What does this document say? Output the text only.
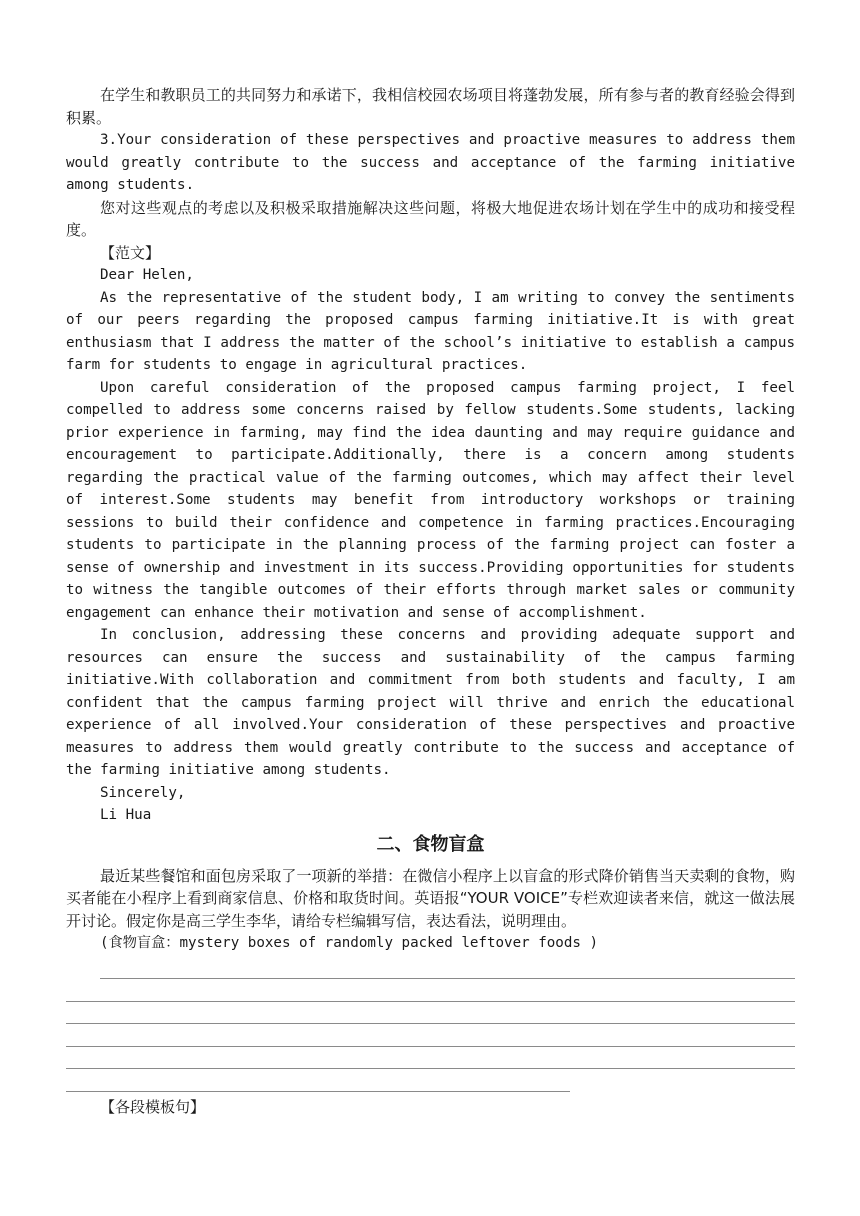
在学生和教职员工的共同努力和承诺下，我相信校园农场项目将蓬勃发展，所有参与者的教育经验会得到积累。

3.Your consideration of these perspectives and proactive measures to address them would greatly contribute to the success and acceptance of the farming initiative among students.

您对这些观点的考虑以及积极采取措施解决这些问题，将极大地促进农场计划在学生中的成功和接受程度。

【范文】

Dear Helen,

As the representative of the student body, I am writing to convey the sentiments of our peers regarding the proposed campus farming initiative.It is with great enthusiasm that I address the matter of the school’s initiative to establish a campus farm for students to engage in agricultural practices.

Upon careful consideration of the proposed campus farming project, I feel compelled to address some concerns raised by fellow students.Some students, lacking prior experience in farming, may find the idea daunting and may require guidance and encouragement to participate.Additionally, there is a concern among students regarding the practical value of the farming outcomes, which may affect their level of interest.Some students may benefit from introductory workshops or training sessions to build their confidence and competence in farming practices.Encouraging students to participate in the planning process of the farming project can foster a sense of ownership and investment in its success.Providing opportunities for students to witness the tangible outcomes of their efforts through market sales or community engagement can enhance their motivation and sense of accomplishment.

In conclusion, addressing these concerns and providing adequate support and resources can ensure the success and sustainability of the campus farming initiative.With collaboration and commitment from both students and faculty, I am confident that the campus farming project will thrive and enrich the educational experience of all involved.Your consideration of these perspectives and proactive measures to address them would greatly contribute to the success and acceptance of the farming initiative among students.

Sincerely,

Li Hua

二、食物盲盒

最近某些餐馆和面包房采取了一项新的举措：在微信小程序上以盲盒的形式降价销售当天卖剩的食物，购买者能在小程序上看到商家信息、价格和取货时间。英语报“YOUR VOICE”专栏欢迎读者来信，就这一做法展开讨论。假定你是高三学生李华，请给专栏编辑写信，表达看法，说明理由。

(食物盲盒：mystery boxes of randomly packed leftover foods )

【各段模板句】
